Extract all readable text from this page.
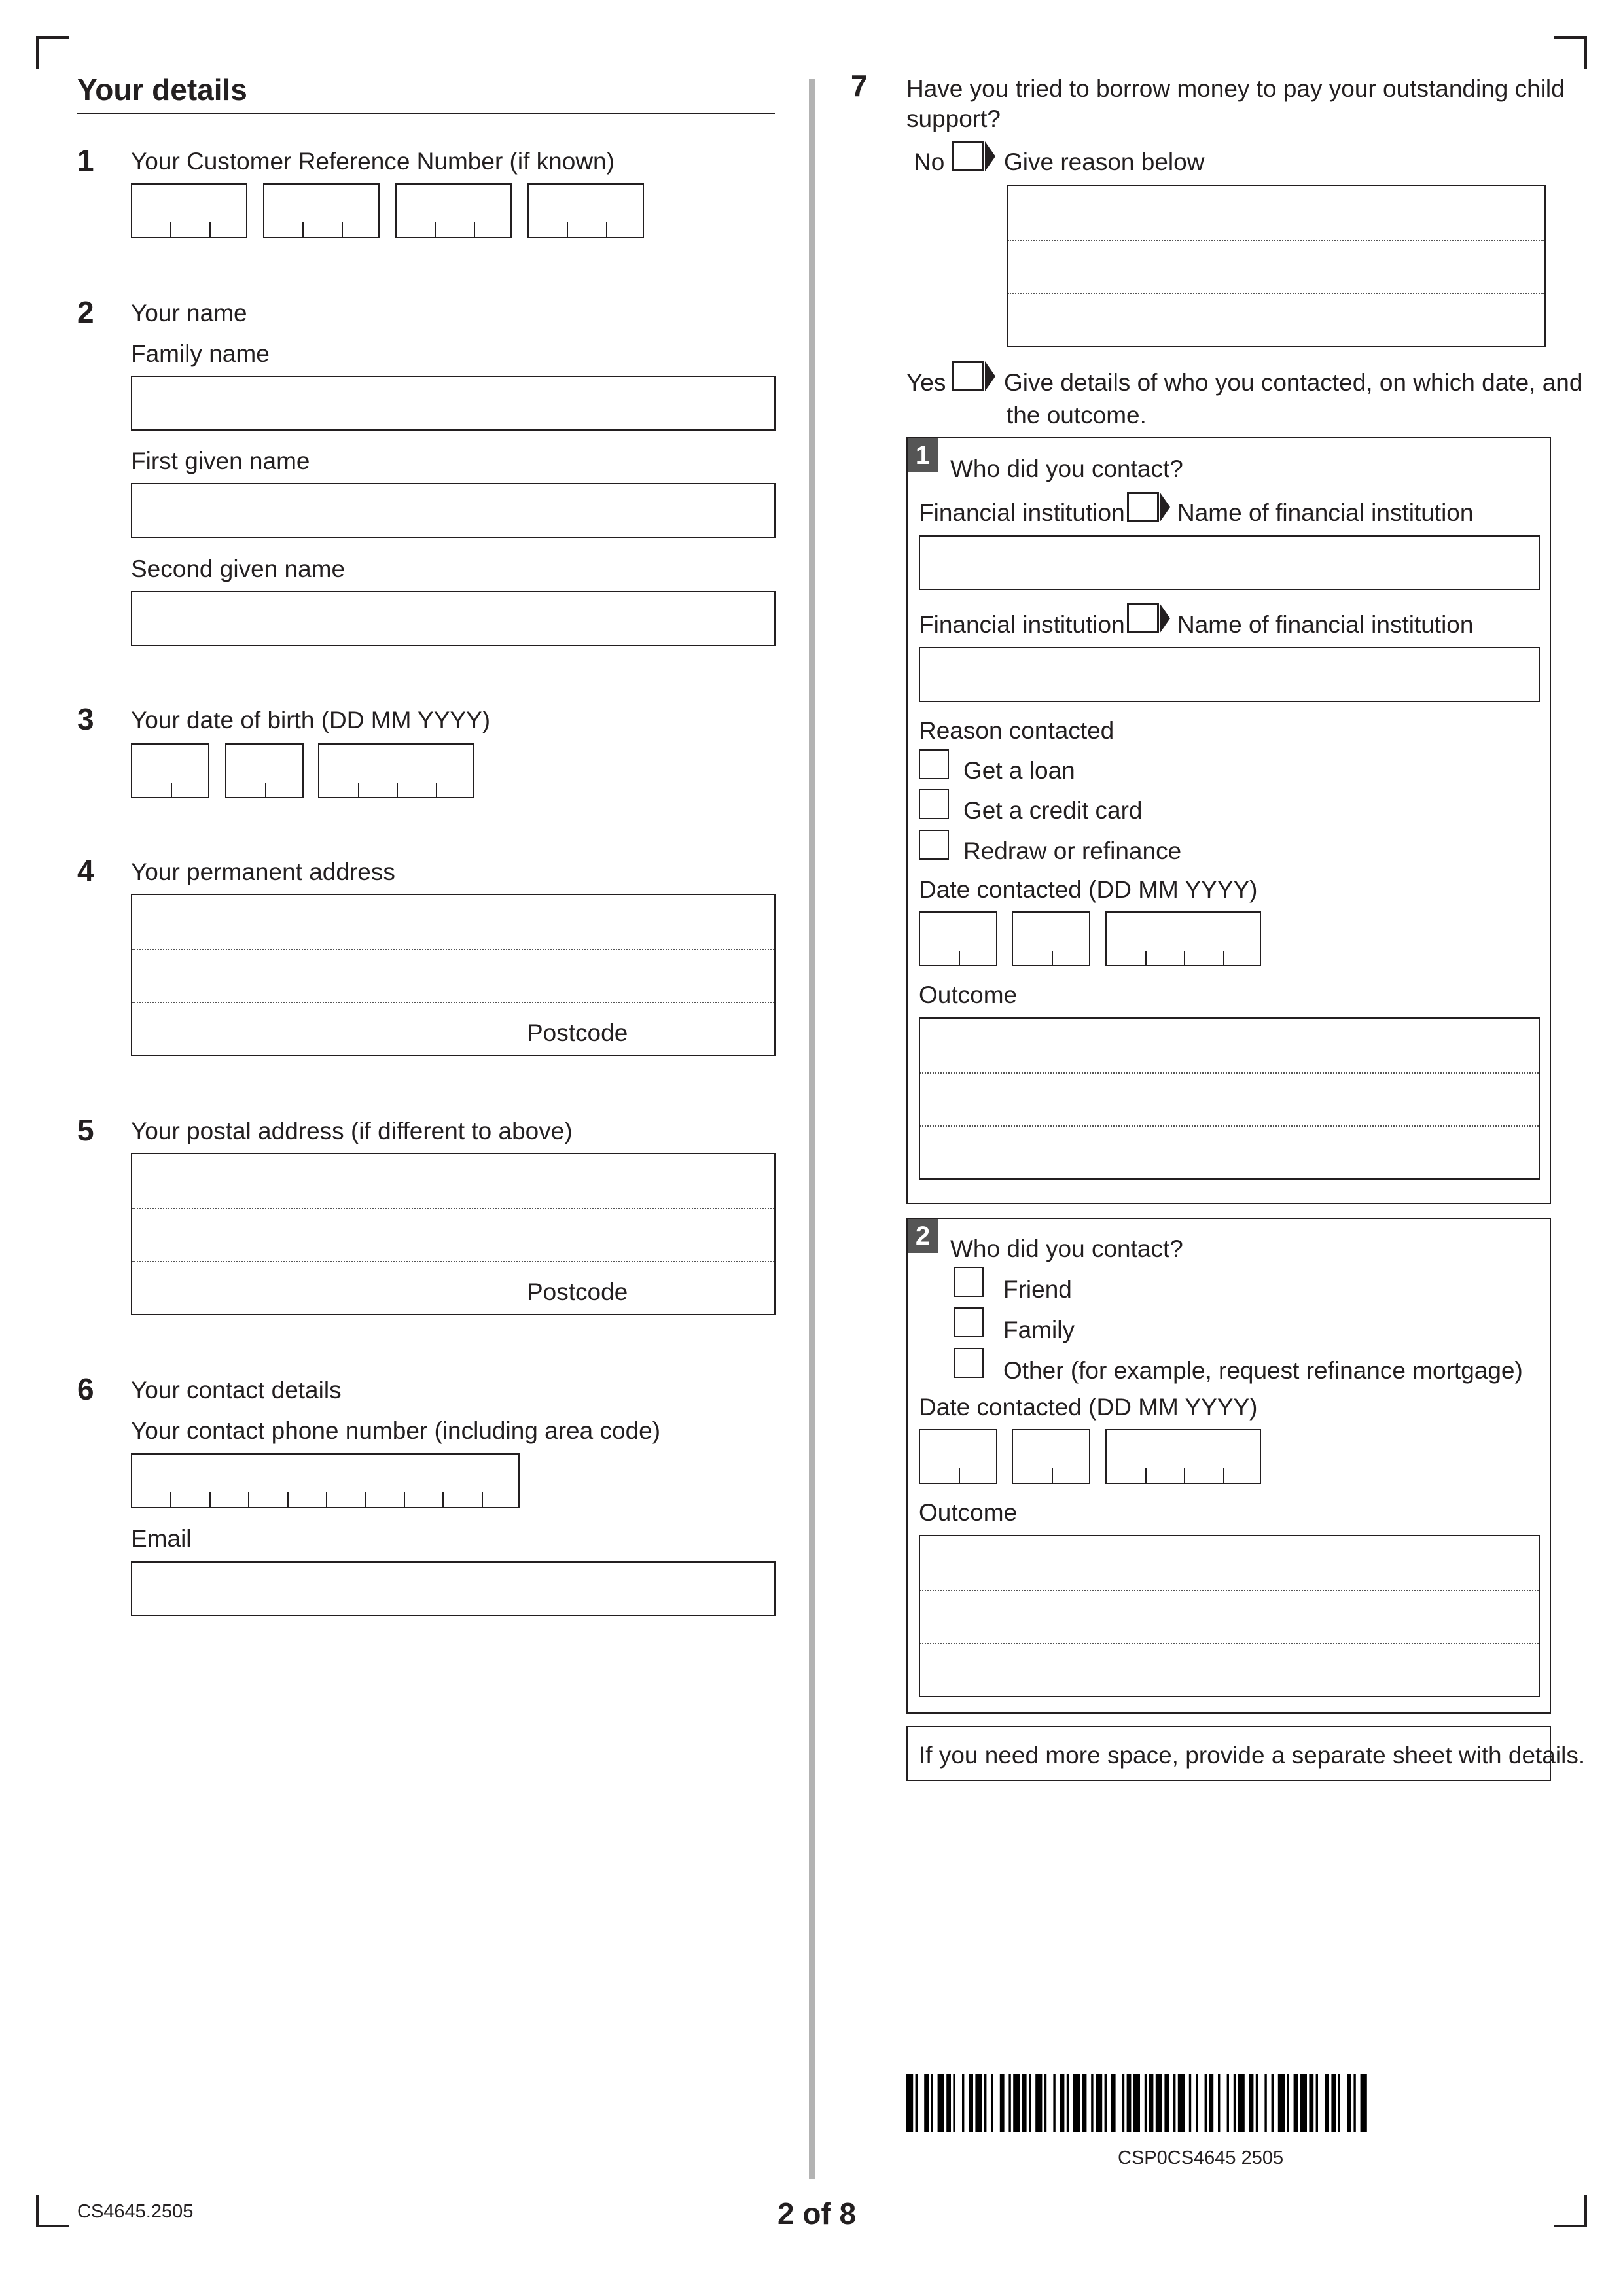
Your details
1 Your Customer Reference Number (if known)
2 Your name
Family name
First given name
Second given name
3 Your date of birth (DD MM YYYY)
4 Your permanent address
Postcode
5 Your postal address (if different to above)
Postcode
6 Your contact details
Your contact phone number (including area code)
Email
7 Have you tried to borrow money to pay your outstanding child
support?
No Give reason below
Yes Give details of who you contacted, on which date, and
the outcome.
1 Who did you contact?
Financial institution Name of financial institution
Financial institution Name of financial institution
Reason contacted
Get a loan
Get a credit card
Redraw or refinance
Date contacted (DD MM YYYY)
Outcome
2 Who did you contact?
Friend
Family
Other (for example, request refinance mortgage)
Date contacted (DD MM YYYY)
Outcome
If you need more space, provide a separate sheet with details.
CSP0CS4645 2505
CS4645.2505	2 of 8
